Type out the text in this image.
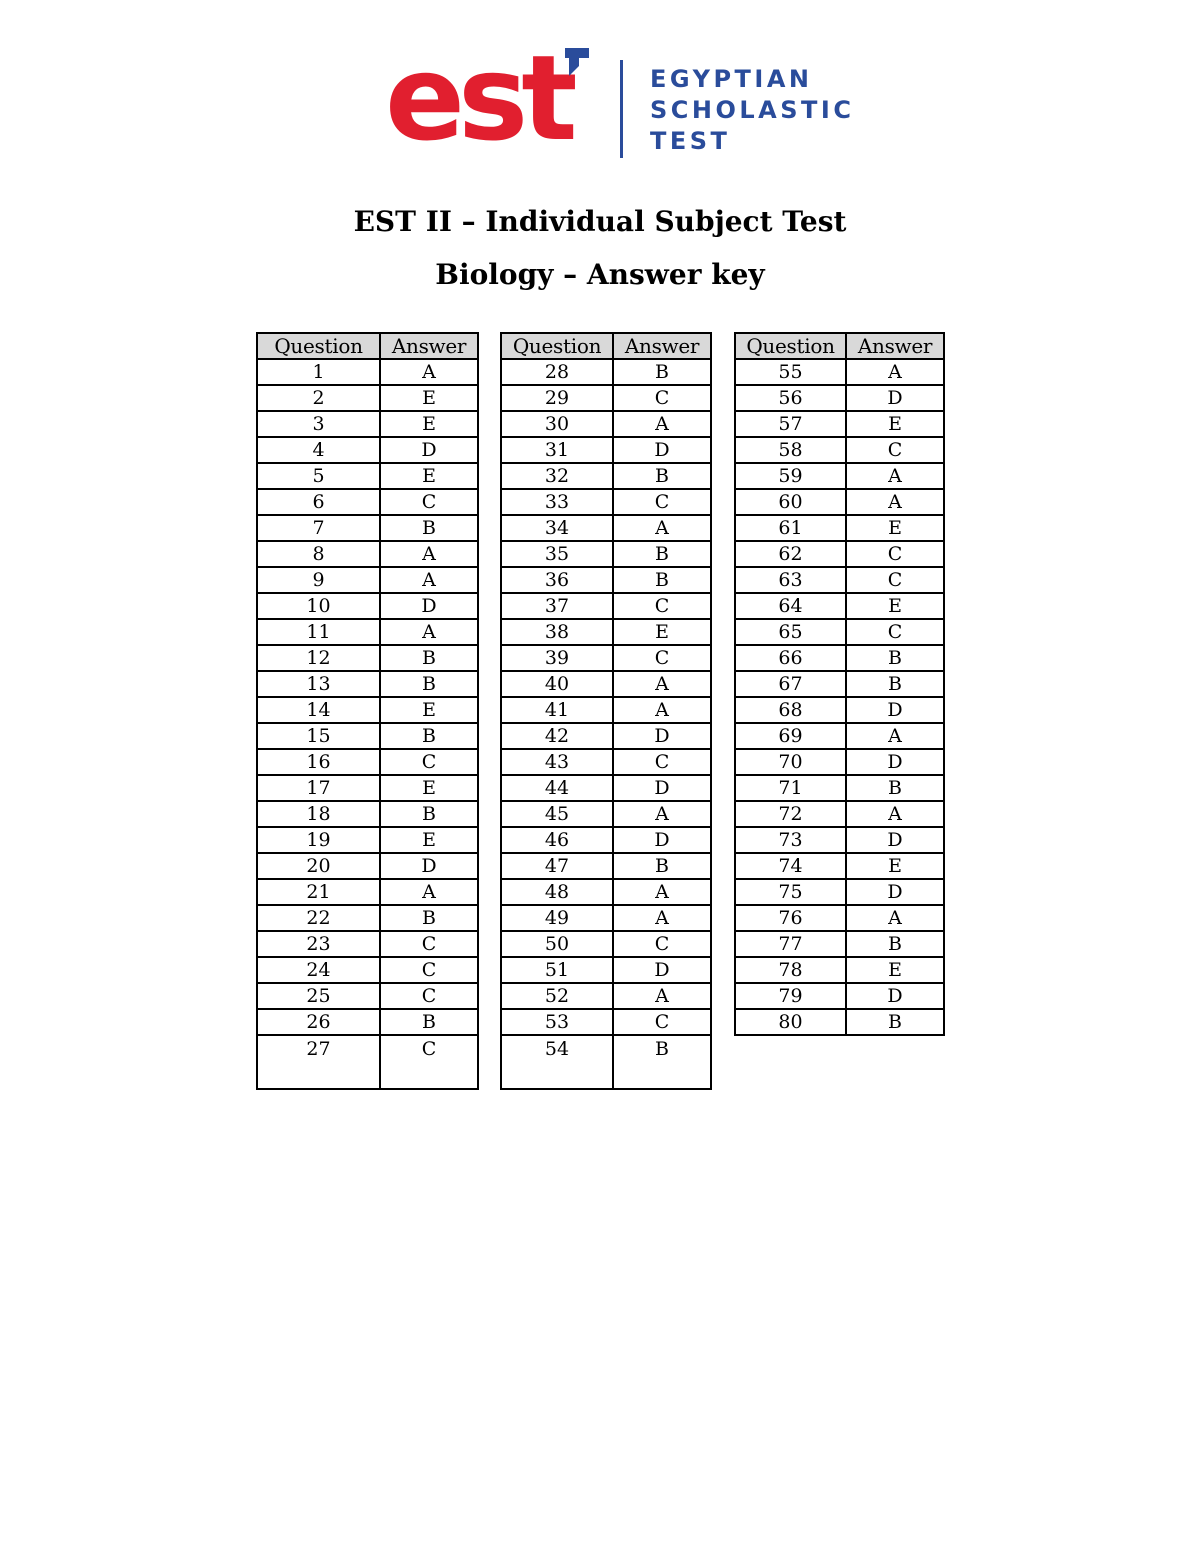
est	EGYPTIAN
SCHOLASTIC
TEST
EST II – Individual Subject Test
Biology – Answer key
Question	Answer
1	A
2	E
3	E
4	D
5	E
6	C
7	B
8	A
9	A
10	D
11	A
12	B
13	B
14	E
15	B
16	C
17	E
18	B
19	E
20	D
21	A
22	B
23	C
24	C
25	C
26	B
27	C
Question	Answer
28	B
29	C
30	A
31	D
32	B
33	C
34	A
35	B
36	B
37	C
38	E
39	C
40	A
41	A
42	D
43	C
44	D
45	A
46	D
47	B
48	A
49	A
50	C
51	D
52	A
53	C
54	B
Question	Answer
55	A
56	D
57	E
58	C
59	A
60	A
61	E
62	C
63	C
64	E
65	C
66	B
67	B
68	D
69	A
70	D
71	B
72	A
73	D
74	E
75	D
76	A
77	B
78	E
79	D
80	B
